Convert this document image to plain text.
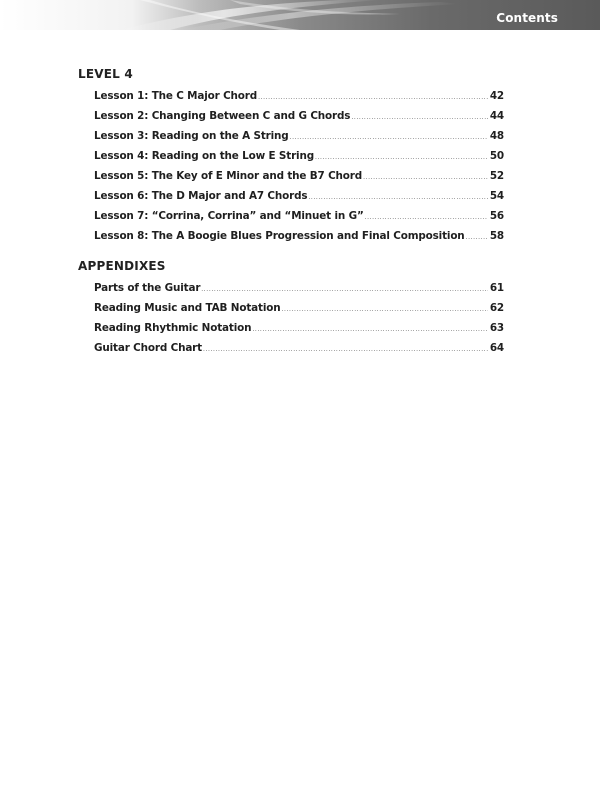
Contents
LEVEL 4
Lesson 1: The C Major Chord .....	42
Lesson 2: Changing Between C and G Chords .....	44
Lesson 3: Reading on the A String .....	48
Lesson 4: Reading on the Low E String .....	50
Lesson 5: The Key of E Minor and the B7 Chord .....	52
Lesson 6: The D Major and A7 Chords .....	54
Lesson 7: “Corrina, Corrina” and “Minuet in G” .....	56
Lesson 8: The A Boogie Blues Progression and Final Composition ..... 58
APPENDIXES
Parts of the Guitar .....	61
Reading Music and TAB Notation .....	62
Reading Rhythmic Notation .....	63
Guitar Chord Chart .....	64
